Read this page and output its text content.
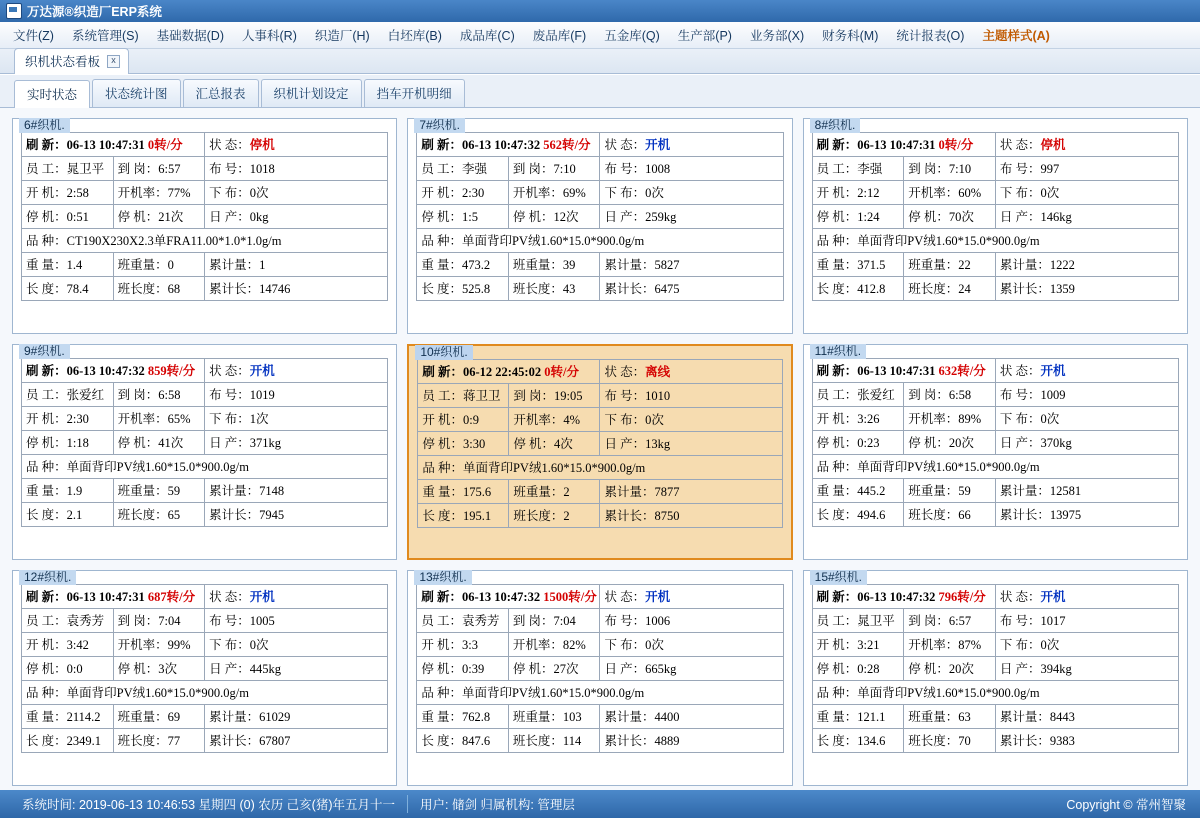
万达源®织造厂ERP系统
文件(Z)	系统管理(S)	基础数据(D)	人事科(R)	织造厂(H)	白坯库(B)	成品库(C)	废品库(F)	五金库(Q)	生产部(P)	业务部(X)	财务科(M)	统计报表(O)	主题样式(A)
织机状态看板	x
实时状态	状态统计图	汇总报表	织机计划设定	挡车开机明细
6#织机.
刷 新：06-13 10:47:31 0转/分		状 态：停机
员 工：晁卫平	到 岗：6:57	布 号：1018
开 机：2:58	开机率：77%	下 布：0次
停 机：0:51	停 机：21次	日 产：0kg
品 种：CT190X230X2.3单FRA11.00*1.0*1.0g/m		
重 量：1.4	班重量：0	累计量：1
长 度：78.4	班长度：68	累计长：14746
7#织机.
刷 新：06-13 10:47:32 562转/分		状 态：开机
员 工：李强	到 岗：7:10	布 号：1008
开 机：2:30	开机率：69%	下 布：0次
停 机：1:5	停 机：12次	日 产：259kg
品 种：单面背印PV绒1.60*15.0*900.0g/m		
重 量：473.2	班重量：39	累计量：5827
长 度：525.8	班长度：43	累计长：6475
8#织机.
刷 新：06-13 10:47:31 0转/分		状 态：停机
员 工：李强	到 岗：7:10	布 号：997
开 机：2:12	开机率：60%	下 布：0次
停 机：1:24	停 机：70次	日 产：146kg
品 种：单面背印PV绒1.60*15.0*900.0g/m		
重 量：371.5	班重量：22	累计量：1222
长 度：412.8	班长度：24	累计长：1359
9#织机.
刷 新：06-13 10:47:32 859转/分		状 态：开机
员 工：张爱红	到 岗：6:58	布 号：1019
开 机：2:30	开机率：65%	下 布：1次
停 机：1:18	停 机：41次	日 产：371kg
品 种：单面背印PV绒1.60*15.0*900.0g/m		
重 量：1.9	班重量：59	累计量：7148
长 度：2.1	班长度：65	累计长：7945
10#织机.
刷 新：06-12 22:45:02 0转/分		状 态：离线
员 工：蒋卫卫	到 岗：19:05	布 号：1010
开 机：0:9	开机率：4%	下 布：0次
停 机：3:30	停 机：4次	日 产：13kg
品 种：单面背印PV绒1.60*15.0*900.0g/m		
重 量：175.6	班重量：2	累计量：7877
长 度：195.1	班长度：2	累计长：8750
11#织机.
刷 新：06-13 10:47:31 632转/分		状 态：开机
员 工：张爱红	到 岗：6:58	布 号：1009
开 机：3:26	开机率：89%	下 布：0次
停 机：0:23	停 机：20次	日 产：370kg
品 种：单面背印PV绒1.60*15.0*900.0g/m		
重 量：445.2	班重量：59	累计量：12581
长 度：494.6	班长度：66	累计长：13975
12#织机.
刷 新：06-13 10:47:31 687转/分		状 态：开机
员 工：袁秀芳	到 岗：7:04	布 号：1005
开 机：3:42	开机率：99%	下 布：0次
停 机：0:0	停 机：3次	日 产：445kg
品 种：单面背印PV绒1.60*15.0*900.0g/m		
重 量：2114.2	班重量：69	累计量：61029
长 度：2349.1	班长度：77	累计长：67807
13#织机.
刷 新：06-13 10:47:32 1500转/分		状 态：开机
员 工：袁秀芳	到 岗：7:04	布 号：1006
开 机：3:3	开机率：82%	下 布：0次
停 机：0:39	停 机：27次	日 产：665kg
品 种：单面背印PV绒1.60*15.0*900.0g/m		
重 量：762.8	班重量：103	累计量：4400
长 度：847.6	班长度：114	累计长：4889
15#织机.
刷 新：06-13 10:47:32 796转/分		状 态：开机
员 工：晁卫平	到 岗：6:57	布 号：1017
开 机：3:21	开机率：87%	下 布：0次
停 机：0:28	停 机：20次	日 产：394kg
品 种：单面背印PV绒1.60*15.0*900.0g/m		
重 量：121.1	班重量：63	累计量：8443
长 度：134.6	班长度：70	累计长：9383
系统时间: 2019-06-13 10:46:53 星期四 (0) 农历 己亥(猪)年五月十一	用户: 储剑 归属机构: 管理层	Copyright © 常州智聚
